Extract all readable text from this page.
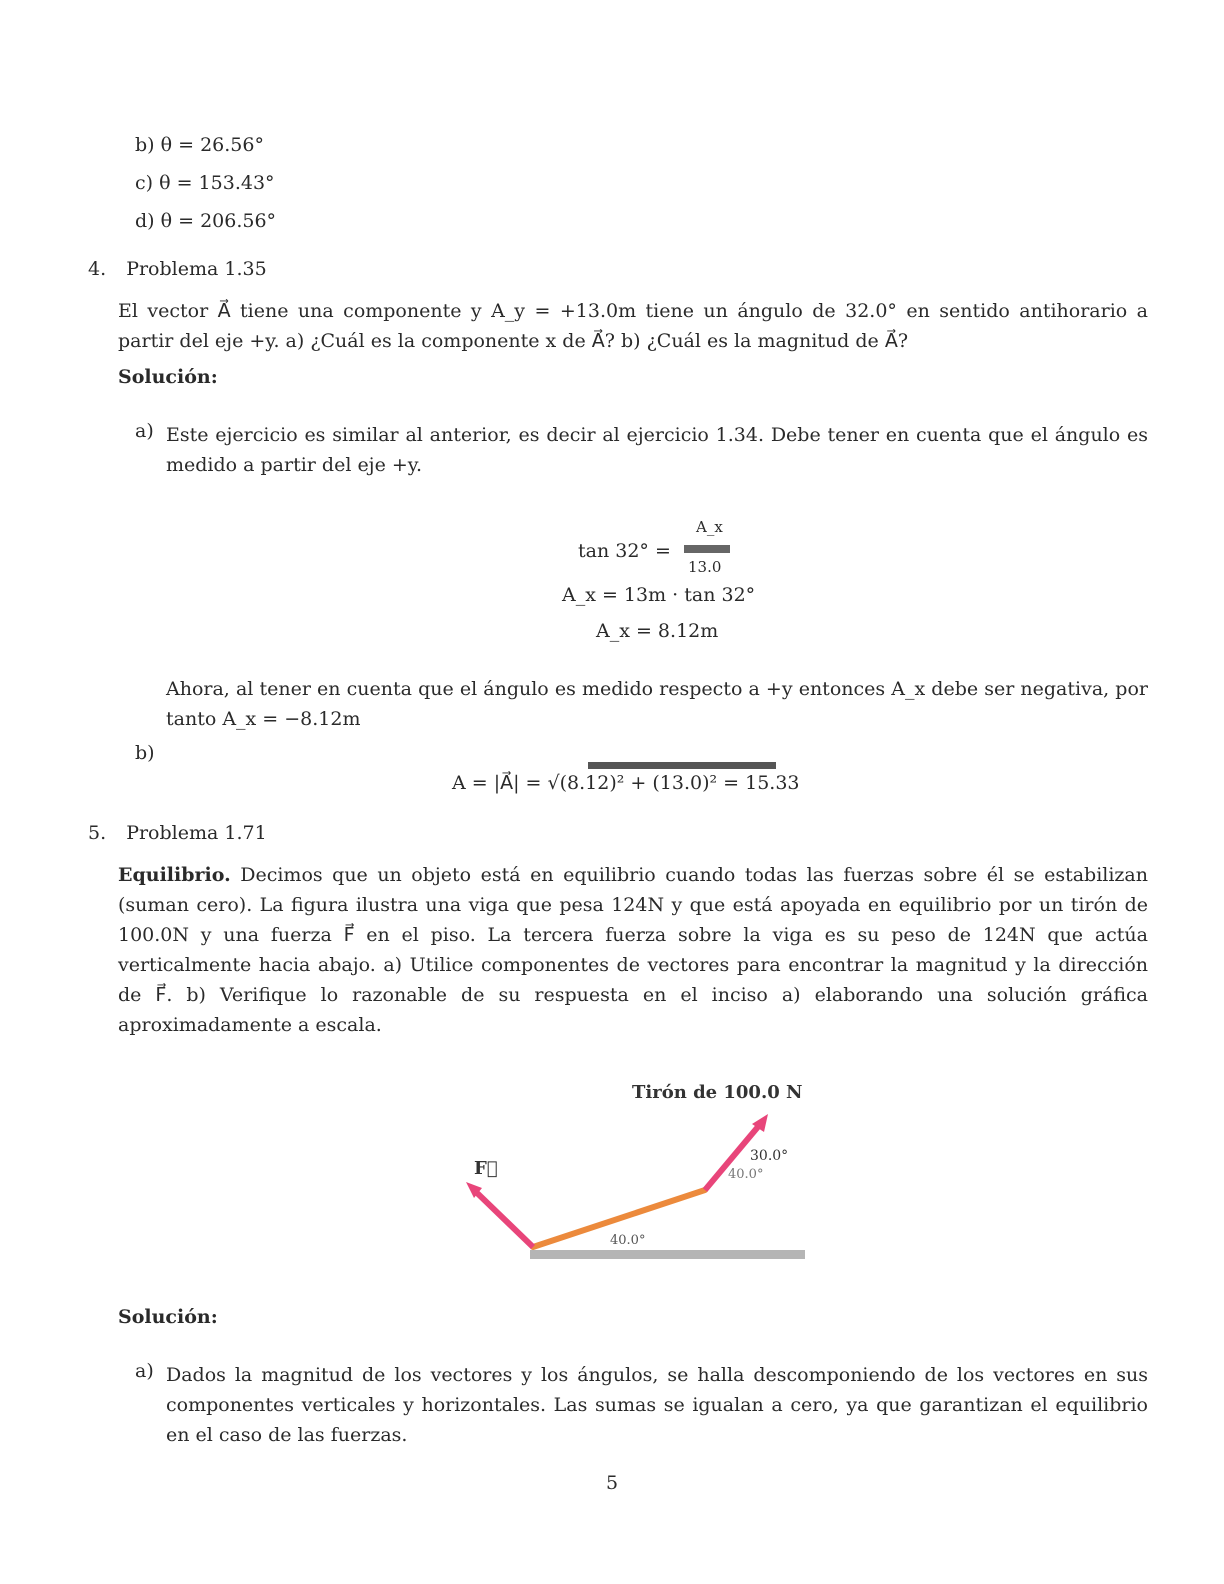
b) θ = 26.56°
c) θ = 153.43°
d) θ = 206.56°
4. Problema 1.35
El vector A⃗ tiene una componente y A_y = +13.0m tiene un ángulo de 32.0° en sentido antihorario a partir del eje +y. a) ¿Cuál es la componente x de A⃗? b) ¿Cuál es la magnitud de A⃗?
Solución:
a) Este ejercicio es similar al anterior, es decir al ejercicio 1.34. Debe tener en cuenta que el ángulo es medido a partir del eje +y.
tan 32° =
A_x
13.0
A_x = 13m · tan 32°
A_x = 8.12m
Ahora, al tener en cuenta que el ángulo es medido respecto a +y entonces A_x debe ser negativa, por tanto A_x = −8.12m
b)
A = |A⃗| = √(8.12)² + (13.0)² = 15.33
5. Problema 1.71
Equilibrio. Decimos que un objeto está en equilibrio cuando todas las fuerzas sobre él se estabilizan (suman cero). La figura ilustra una viga que pesa 124N y que está apoyada en equilibrio por un tirón de 100.0N y una fuerza F⃗ en el piso. La tercera fuerza sobre la viga es su peso de 124N que actúa verticalmente hacia abajo. a) Utilice componentes de vectores para encontrar la magnitud y la dirección de F⃗. b) Verifique lo razonable de su respuesta en el inciso a) elaborando una solución gráfica aproximadamente a escala.
Tirón de 100.0 N
F⃗
30.0°
40.0°
40.0°
Solución:
a) Dados la magnitud de los vectores y los ángulos, se halla descomponiendo de los vectores en sus componentes verticales y horizontales. Las sumas se igualan a cero, ya que garantizan el equilibrio en el caso de las fuerzas.
5
